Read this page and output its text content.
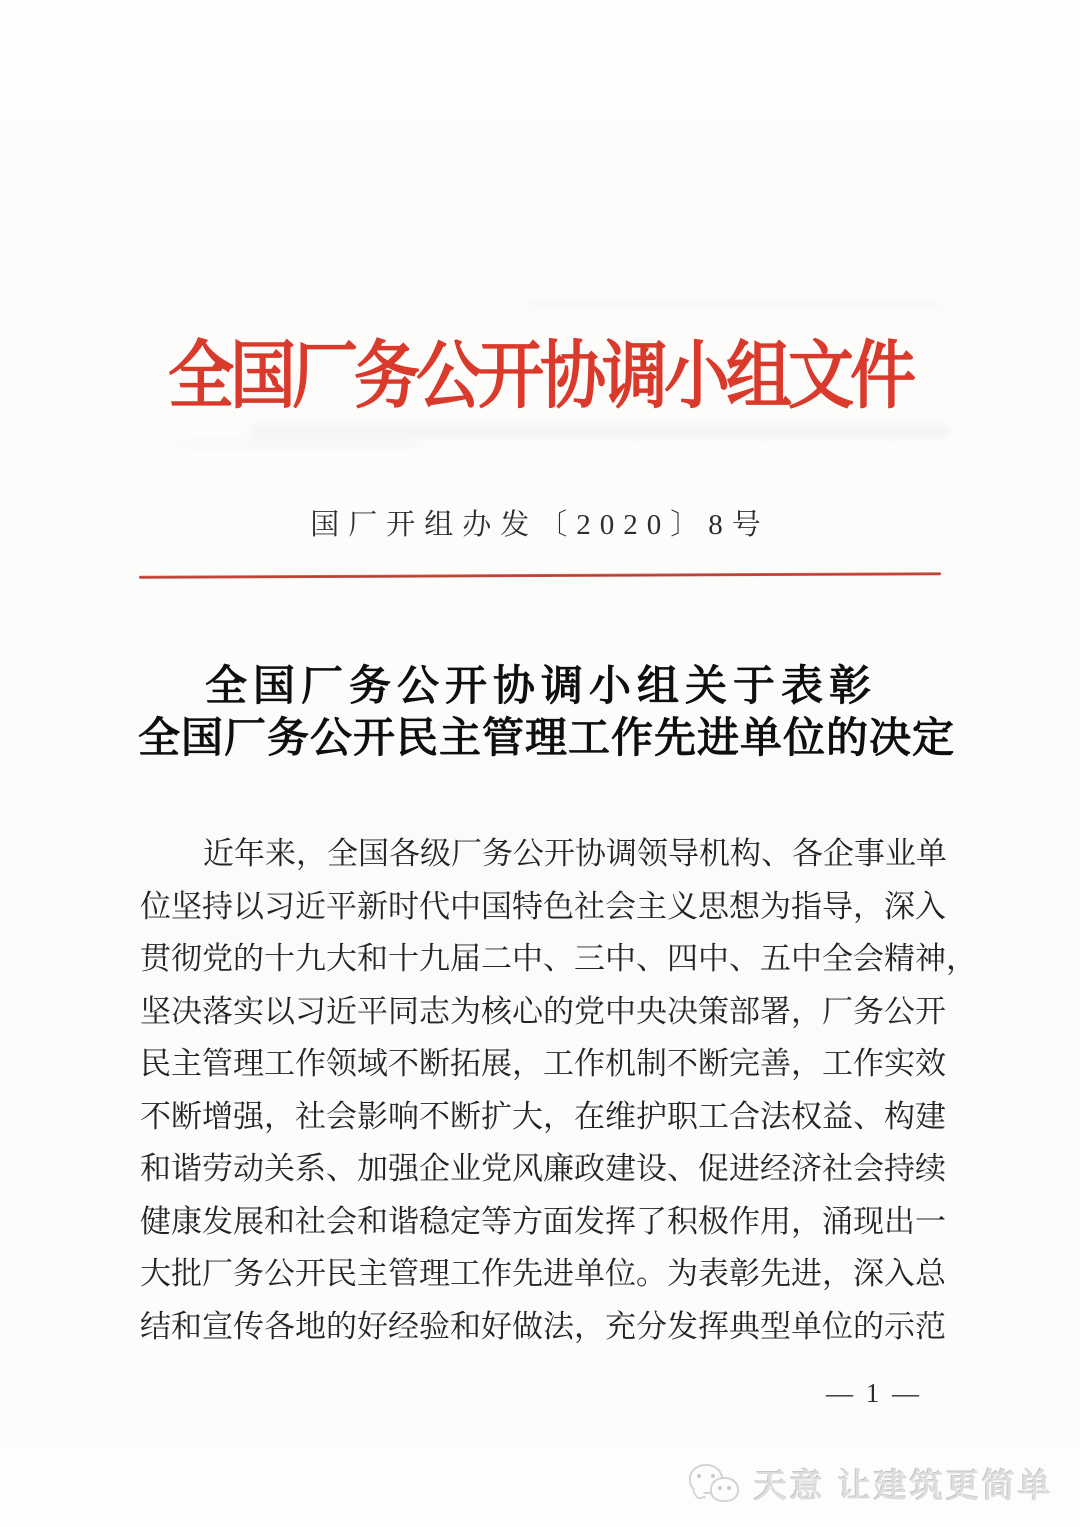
全国厂务公开协调小组文件
国厂开组办发〔2020〕8号
全国厂务公开协调小组关于表彰
全国厂务公开民主管理工作先进单位的决定
近年来，全国各级厂务公开协调领导机构、各企事业单
位坚持以习近平新时代中国特色社会主义思想为指导，深入
贯彻党的十九大和十九届二中、三中、四中、五中全会精神，
坚决落实以习近平同志为核心的党中央决策部署，厂务公开
民主管理工作领域不断拓展，工作机制不断完善，工作实效
不断增强，社会影响不断扩大，在维护职工合法权益、构建
和谐劳动关系、加强企业党风廉政建设、促进经济社会持续
健康发展和社会和谐稳定等方面发挥了积极作用，涌现出一
大批厂务公开民主管理工作先进单位。为表彰先进，深入总
结和宣传各地的好经验和好做法，充分发挥典型单位的示范
— 1 —
天意 让建筑更简单
